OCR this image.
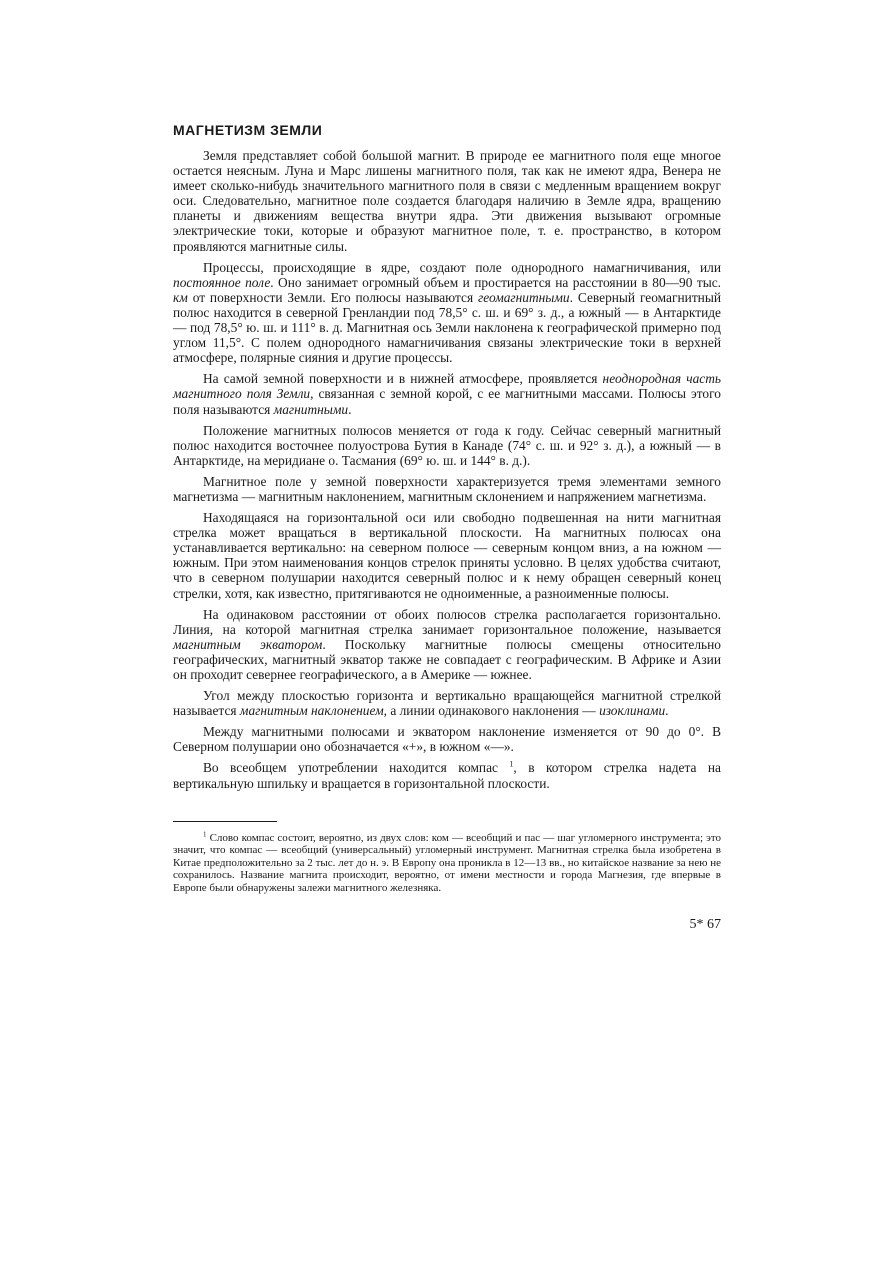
МАГНЕТИЗМ ЗЕМЛИ

Земля представляет собой большой магнит. В природе ее магнитного поля еще многое остается неясным. Луна и Марс лишены магнитного поля, так как не имеют ядра, Венера не имеет сколько-нибудь значительного магнитного поля в связи с медленным вращением вокруг оси. Следовательно, магнитное поле создается благодаря наличию в Земле ядра, вращению планеты и движениям вещества внутри ядра. Эти движения вызывают огромные электрические токи, которые и образуют магнитное поле, т. е. пространство, в котором проявляются магнитные силы.

Процессы, происходящие в ядре, создают поле однородного намагничивания, или постоянное поле. Оно занимает огромный объем и простирается на расстоянии в 80—90 тыс. км от поверхности Земли. Его полюсы называются геомагнитными. Северный геомагнитный полюс находится в северной Гренландии под 78,5° с. ш. и 69° з. д., а южный — в Антарктиде — под 78,5° ю. ш. и 111° в. д. Магнитная ось Земли наклонена к географической примерно под углом 11,5°. С полем однородного намагничивания связаны электрические токи в верхней атмосфере, полярные сияния и другие процессы.

На самой земной поверхности и в нижней атмосфере, проявляется неоднородная часть магнитного поля Земли, связанная с земной корой, с ее магнитными массами. Полюсы этого поля называются магнитными.

Положение магнитных полюсов меняется от года к году. Сейчас северный магнитный полюс находится восточнее полуострова Бутия в Канаде (74° с. ш. и 92° з. д.), а южный — в Антарктиде, на меридиане о. Тасмания (69° ю. ш. и 144° в. д.).

Магнитное поле у земной поверхности характеризуется тремя элементами земного магнетизма — магнитным наклонением, магнитным склонением и напряжением магнетизма.

Находящаяся на горизонтальной оси или свободно подвешенная на нити магнитная стрелка может вращаться в вертикальной плоскости. На магнитных полюсах она устанавливается вертикально: на северном полюсе — северным концом вниз, а на южном — южным. При этом наименования концов стрелок приняты условно. В целях удобства считают, что в северном полушарии находится северный полюс и к нему обращен северный конец стрелки, хотя, как известно, притягиваются не одноименные, а разноименные полюсы.

На одинаковом расстоянии от обоих полюсов стрелка располагается горизонтально. Линия, на которой магнитная стрелка занимает горизонтальное положение, называется магнитным экватором. Поскольку магнитные полюсы смещены относительно географических, магнитный экватор также не совпадает с географическим. В Африке и Азии он проходит севернее географического, а в Америке — южнее.

Угол между плоскостью горизонта и вертикально вращающейся магнитной стрелкой называется магнитным наклонением, а линии одинакового наклонения — изоклинами.

Между магнитными полюсами и экватором наклонение изменяется от 90 до 0°. В Северном полушарии оно обозначается «+», в южном «—».

Во всеобщем употреблении находится компас $^1$, в котором стрелка надета на вертикальную шпильку и вращается в горизонтальной плоскости.

$^1$ Слово компас состоит, вероятно, из двух слов: ком — всеобщий и пас — шаг угломерного инструмента; это значит, что компас — всеобщий (универсальный) угломерный инструмент. Магнитная стрелка была изобретена в Китае предположительно за 2 тыс. лет до н. э. В Европу она проникла в 12—13 вв., но китайское название за нею не сохранилось. Название магнита происходит, вероятно, от имени местности и города Магнезия, где впервые в Европе были обнаружены залежи магнитного железняка.

5* 67
